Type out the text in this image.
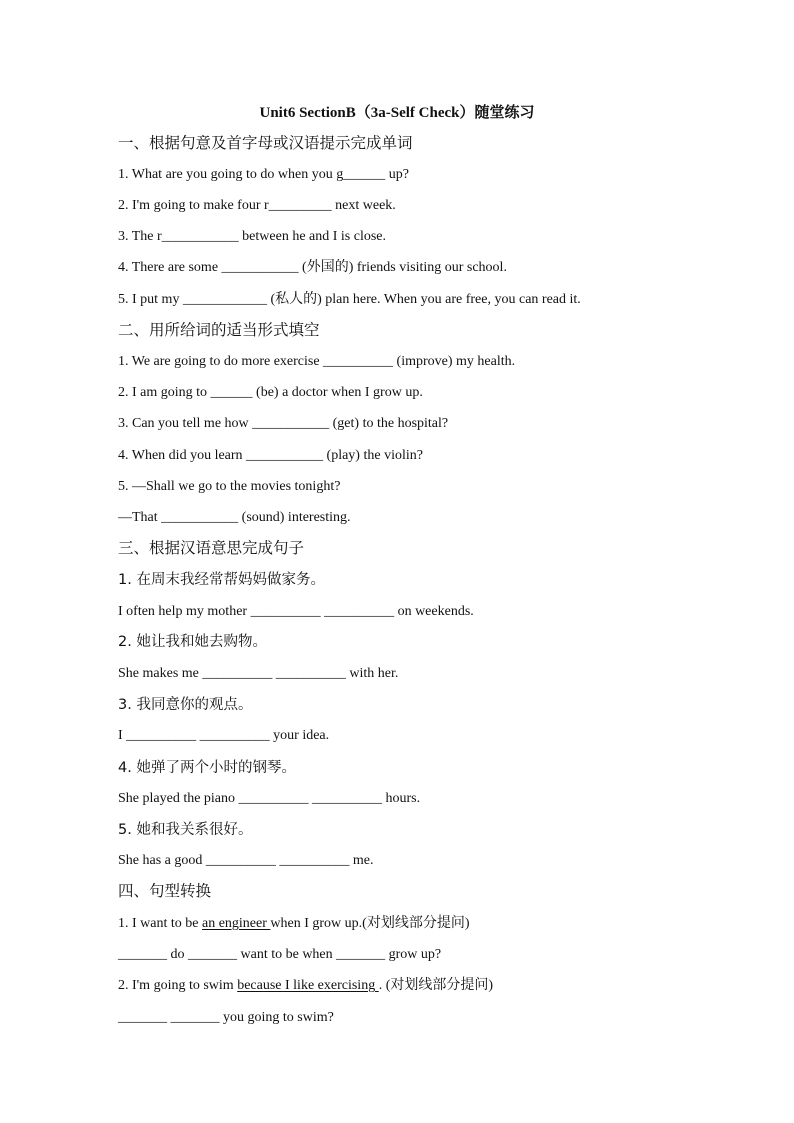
Unit6 SectionB（3a-Self Check）随堂练习
一、根据句意及首字母或汉语提示完成单词
1. What are you going to do when you g______ up?
2. I'm going to make four r_________ next week.
3. The r___________ between he and I is close.
4. There are some ___________ (外国的) friends visiting our school.
5. I put my ____________ (私人的) plan here. When you are free, you can read it.
二、用所给词的适当形式填空
1. We are going to do more exercise __________ (improve) my health.
2. I am going to ______ (be) a doctor when I grow up.
3. Can you tell me how ___________ (get) to the hospital?
4. When did you learn ___________ (play) the violin?
5. —Shall we go to the movies tonight?
—That ___________ (sound) interesting.
三、根据汉语意思完成句子
1. 在周末我经常帮妈妈做家务。
I often help my mother __________ __________ on weekends.
2. 她让我和她去购物。
She makes me __________ __________ with her.
3. 我同意你的观点。
I __________ __________ your idea.
4. 她弹了两个小时的钢琴。
She played the piano __________ __________ hours.
5. 她和我关系很好。
She has a good __________ __________ me.
四、句型转换
1. I want to be an engineer when I grow up.(对划线部分提问)
_______ do _______ want to be when _______ grow up?
2. I'm going to swim because I like exercising . (对划线部分提问)
_______ _______ you going to swim?
